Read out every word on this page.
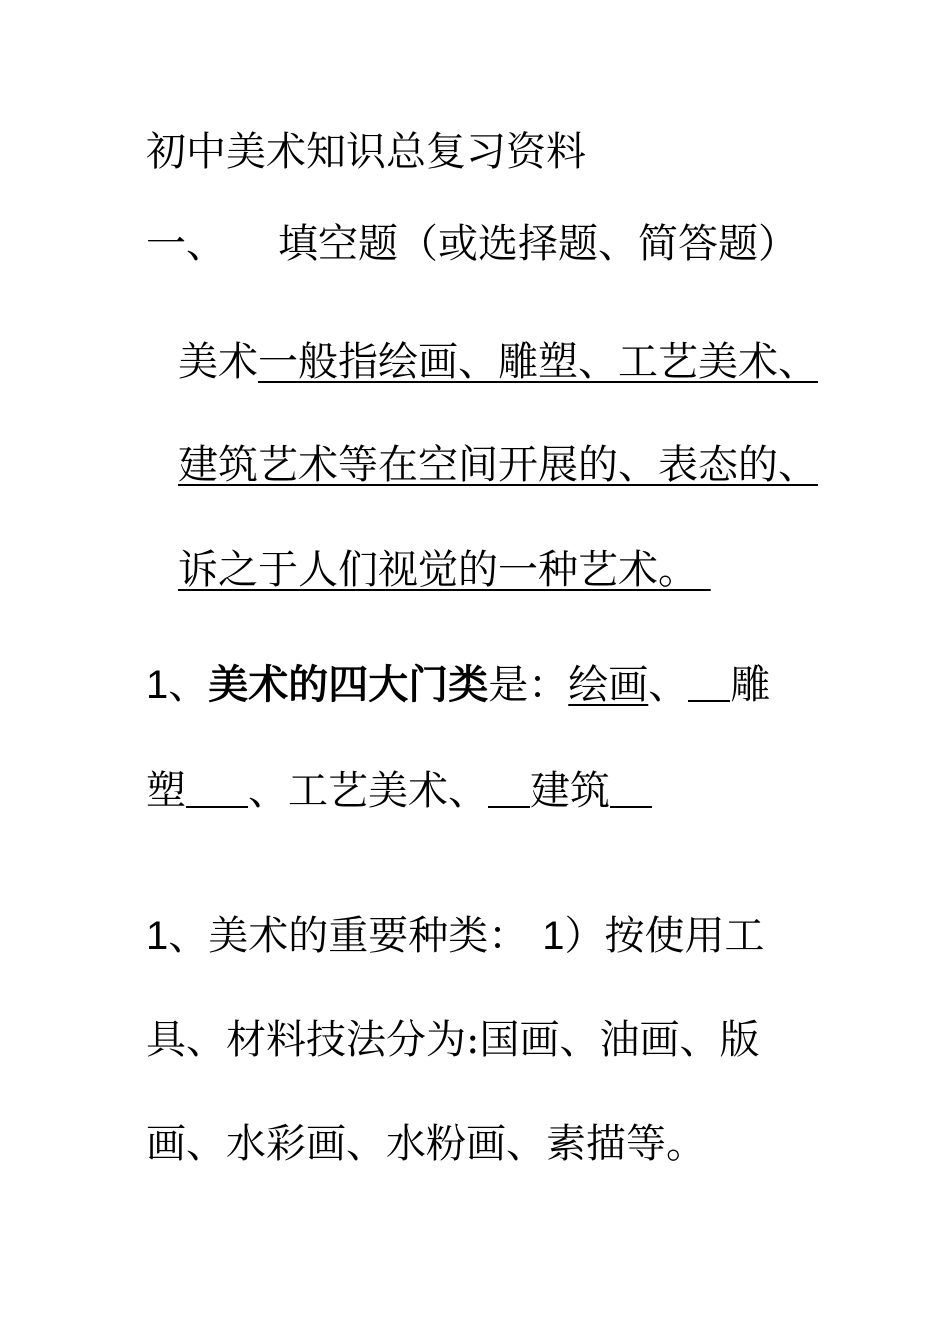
初中美术知识总复习资料
一、 填空题（或选择题、简答题）
美术一般指绘画、雕塑、工艺美术、
建筑艺术等在空间开展的、表态的、
诉之于人们视觉的一种艺术。
1、美术的四大门类是：绘画、 雕
塑 、工艺美术、 建筑
1、美术的重要种类： 1）按使用工
具、材料技法分为:国画、油画、版
画、水彩画、水粉画、素描等。
